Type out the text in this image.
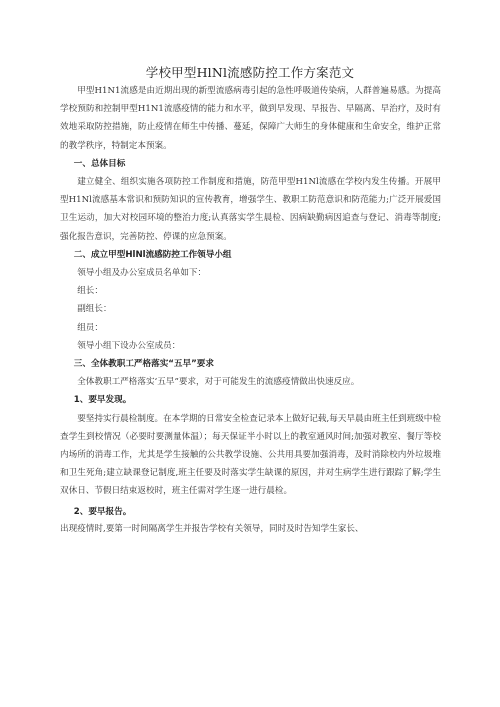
学校甲型HlNl流感防控工作方案范文

甲型H1N1流感是由近期出现的新型流感病毒引起的急性呼吸道传染病，人群普遍易感。为提高学校预防和控制甲型H1N1流感疫情的能力和水平，做到早发现、早报告、早隔离、早治疗，及时有效地采取防控措施，防止疫情在师生中传播、蔓延，保障广大师生的身体健康和生命安全，维护正常的教学秩序，特制定本预案。

一、总体目标

建立健全、组织实施各项防控工作制度和措施，防范甲型H1Nl流感在学校内发生传播。开展甲型H1Nl流感基本常识和预防知识的宣传教育，增强学生、教职工防范意识和防范能力;广泛开展爱国卫生运动，加大对校园环境的整治力度;认真落实学生晨检、因病缺勤病因追查与登记、消毒等制度;强化报告意识，完善防控、停课的应急预案。

二、成立甲型HlNl流感防控工作领导小组

领导小组及办公室成员名单如下：

组长：

副组长：

组员：

领导小组下设办公室成员：

三、全体教职工严格落实“五早”要求

全体教职工严格落实‘五早”要求，对于可能发生的流感疫情做出快速反应。

1、要早发现。

要坚持实行晨检制度。在本学期的日常安全检查记录本上做好记载,每天早晨由班主任到班级中检查学生到校情况（必要时要测量体温）；每天保证半小时以上的教室通风时间;加强对教室、餐厅等校内场所的消毒工作，尤其是学生接触的公共教学设施、公共用具要加强消毒，及时消除校内外垃圾堆和卫生死角;建立缺课登记制度,班主任要及时落实学生缺课的原因，并对生病学生进行跟踪了解;学生双休日、节假日结束返校时，班主任需对学生逐一进行晨检。

2、要早报告。

出现疫情时,要第一时间隔离学生并报告学校有关领导，同时及时告知学生家长、
